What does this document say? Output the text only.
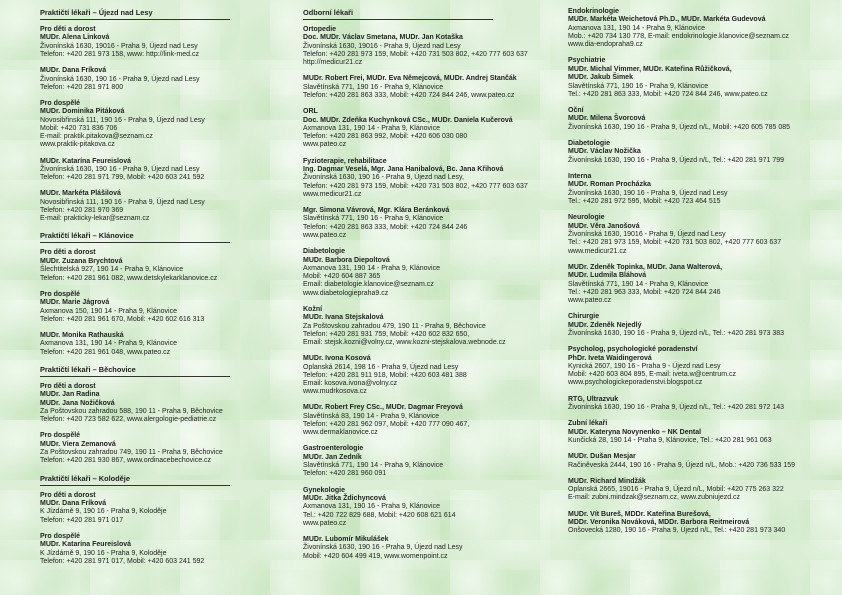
Praktičtí lékaři – Újezd nad Lesy
Pro děti a dorost
MUDr. Alena Linková
Živonínská 1630, 19016 - Praha 9, Újezd nad Lesy
Telefon: +420 281 973 158, www: http://link-med.cz
MUDr. Dana Fríková
Živonínská 1630, 190 16 - Praha 9, Újezd nad Lesy
Telefon: +420 281 971 800
Pro dospělé
MUDr. Dominika Pitáková
Novosibřinská 111, 190 16 - Praha 9, Újezd nad Lesy
Mobil: +420 731 836 706
E-mail: praktik.pitakova@seznam.cz
www.praktik-pitakova.cz
MUDr. Katarína Feureislová
Živonínská 1630, 190 16 - Praha 9, Újezd nad Lesy
Telefon: +420 281 971 799, Mobil: +420 603 241 592
MUDr. Markéta Plášilová
Novosibřinská 111, 190 16 - Praha 9, Újezd nad Lesy
Telefon: +420 281 970 369
E-mail: prakticky-lekar@seznam.cz
Praktičtí lékaři – Klánovice
Pro děti a dorost
MUDr. Zuzana Brychtová
Šlechtitelská 927, 190 14 - Praha 9, Klánovice
Telefon: +420 281 961 082, www.detskylekarklanovice.cz
Pro dospělé
MUDr. Marie Jágrová
Axmanova 150, 190 14 - Praha 9, Klánovice
Telefon: +420 281 961 670, Mobil: +420 602 616 313
MUDr. Monika Rathauská
Axmanova 131, 190 14 - Praha 9, Klánovice
Telefon: +420 281 961 048, www.pateo.cz
Praktičtí lékaři – Běchovice
Pro děti a dorost
MUDr. Jan Radina
MUDr. Jana Nožičková
Za Poštovskou zahradou 588, 190 11 - Praha 9, Běchovice
Telefon: +420 723 582 622, www.alergologie-pediatrie.cz
Pro dospělé
MUDr. Viera Zemanová
Za Poštovskou zahradou 749, 190 11 - Praha 9, Běchovice
Telefon: +420 281 930 867, www.ordinacebechovice.cz
Praktičtí lékaři – Koloděje
Pro děti a dorost
MUDr. Dana Fríková
K Jízdárně 9, 190 16 - Praha 9, Koloděje
Telefon: +420 281 971 017
Pro dospělé
MUDr. Katarína Feureislová
K Jízdárně 9, 190 16 - Praha 9, Koloděje
Telefon: +420 281 971 017, Mobil: +420 603 241 592
Odborní lékaři
Ortopedie
Doc. MUDr. Václav Smetana, MUDr. Jan Kotaška
Živonínská 1630, 19016 - Praha 9, Újezd nad Lesy
Telefon: +420 281 973 159, Mobil: +420 731 503 802, +420 777 603 637
http://medicur21.cz
MUDr. Robert Frei, MUDr. Eva Němejcová, MUDr. Andrej Stančák
Slavětínská 771, 190 16 - Praha 9, Klánovice
Telefon: +420 281 863 333, Mobil: +420 724 844 246, www.pateo.cz
ORL
Doc. MUDr. Zdeňka Kuchynková CSc., MUDr. Daniela Kučerová
Axmanova 131, 190 14 - Praha 9, Klánovice
Telefon: +420 281 863 992, Mobil: +420 606 030 080
www.pateo.cz
Fyzioterapie, rehabilitace
Ing. Dagmar Veselá, Mgr. Jana Hanibalová, Bc. Jana Křihová
Živonínská 1630, 190 16 - Praha 9, Újezd nad Lesy,
Telefon: +420 281 973 159, Mobil: +420 731 503 802, +420 777 603 637
www.medicur21.cz
Mgr. Simona Vávrová, Mgr. Klára Beránková
Slavětínská 771, 190 16 - Praha 9, Klánovice
Telefon: +420 281 863 333, Mobil: +420 724 844 246
www.pateo.cz
Diabetologie
MUDr. Barbora Diepoltová
Axmanova 131, 190 14 - Praha 9, Klánovice
Mobil: +420 604 887 365
Email: diabetologie.klanovice@seznam.cz
www.diabetologiepraha9.cz
Kožní
MUDr. Ivana Stejskalová
Za Poštovskou zahradou 479, 190 11 - Praha 9, Běchovice
Telefon: +420 281 931 759, Mobil: +420 602 832 650,
Email: stejsk.kozni@volny.cz, www.kozni-stejskalova.webnode.cz
MUDr. Ivona Kosová
Oplanská 2614, 198 16 - Praha 9, Újezd nad Lesy
Telefon: +420 281 911 918, Mobil: +420 603 481 388
Email: kosova.ivona@volny.cz
www.mudrkosova.cz
MUDr. Robert Frey CSc., MUDr. Dagmar Freyová
Slavětínská 83, 190 14 - Praha 9, Klánovice
Telefon: +420 281 962 097, Mobil: +420 777 090 467,
www.dermaklanovice.cz
Gastroenterologie
MUDr. Jan Zedník
Slavětínská 771, 190 14 - Praha 9, Klánovice
Telefon: +420 281 960 091
Gynekologie
MUDr. Jitka Ždichyncová
Axmanova 131, 190 16 - Praha 9, Klánovice
Tel.: +420 722 829 688, Mobil: +420 608 621 614
www.pateo.cz
MUDr. Lubomír Mikulášek
Živonínská 1630, 190 16 - Praha 9, Újezd nad Lesy
Mobil: +420 604 499 419, www.womenpoint.cz
Endokrinologie
MUDr. Markéta Weichetová Ph.D., MUDr. Markéta Gudevová
Axmanova 131, 190 14 - Praha 9, Klánovice
Mob.: +420 734 130 778, E-mail: endokrinologie.klanovice@seznam.cz
www.dia-endopraha9.cz
Psychiatrie
MUDr. Michal Vimmer, MUDr. Kateřina Růžičková,
MUDr. Jakub Šimek
Slavětínská 771, 190 16 - Praha 9, Klánovice
Tel.: +420 281 863 333, Mobil: +420 724 844 246, www.pateo.cz
Oční
MUDr. Milena Švorcová
Živonínská 1630, 190 16 - Praha 9, Újezd n/L, Mobil: +420 605 785 085
Diabetologie
MUDr. Václav Nožička
Živonínská 1630, 190 16 - Praha 9, Újezd n/L, Tel.: +420 281 971 799
Interna
MUDr. Roman Procházka
Živonínská 1630, 190 16 - Praha 9, Újezd nad Lesy
Tel.: +420 281 972 595, Mobil: +420 723 464 515
Neurologie
MUDr. Věra Janošová
Živonínská 1630, 19016 - Praha 9, Újezd nad Lesy
Tel.: +420 281 973 159, Mobil: +420 731 503 802, +420 777 603 637
www.medicur21.cz
MUDr. Zdeněk Topinka, MUDr. Jana Walterová,
MUDr. Ludmila Bláhová
Slavětínská 771, 190 14 - Praha 9, Klánovice
Tel.: +420 281 963 333, Mobil: +420 724 844 246
www.pateo.cz
Chirurgie
MUDr. Zdeněk Nejedlý
Živonínská 1630, 190 16 - Praha 9, Újezd n/L, Tel.: +420 281 973 383
Psycholog, psychologické poradenství
PhDr. Iveta Waidingerová
Kynická 2607, 190 16 - Praha 9 - Újezd nad Lesy
Mobil: +420 603 804 895, E-mail: iveta.w@centrum.cz
www.psychologickeporadenstvi.blogspot.cz
RTG, Ultrazvuk
Živonínská 1630, 190 16 - Praha 9, Újezd n/L, Tel.: +420 281 972 143
Zubní lékaři
MUDr. Kateryna Novynenko – NK Dental
Kunčická 28, 190 14 - Praha 9, Klánovice, Tel.: +420 281 961 063
MUDr. Dušan Mesjar
Račiněveská 2444, 190 16 - Praha 9, Újezd n/L, Mob.: +420 736 533 159
MUDr. Richard Mindžák
Oplanská 2665, 19016 - Praha 9, Újezd n/L, Mobil: +420 775 263 322
E-mail: zubni.mindzak@seznam.cz, www.zubniujezd.cz
MUDr. Vít Bureš, MDDr. Kateřina Burešová,
MDDr. Veronika Nováková, MDDr. Barbora Reitmeirová
Onšovecká 1280, 190 16 - Praha 9, Újezd n/L, Tel.: +420 281 973 340
